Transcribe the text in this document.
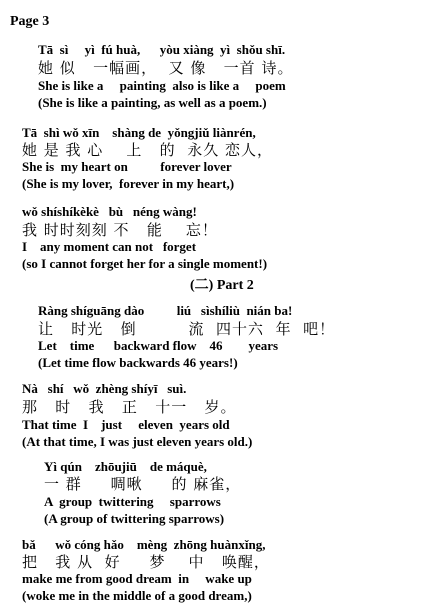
Page 3
Tā  sì     yì  fú huà,      yòu xiàng  yì  shǒu shī.
她 似   一幅画，  又 像   一首 诗。
She is like a     painting  also is like a     poem
(She is like a painting, as well as a poem.)
Tā  shì wǒ xīn    shàng de  yǒngjiǔ liànrén,
她 是 我 心    上   的  永久 恋人，
She is  my heart on          forever lover
(She is my lover,  forever in my heart,)
wǒ shíshíkèkè   bù   néng wàng!
我 时时刻刻 不   能    忘！
I    any moment can not   forget
(so I cannot forget her for a single moment!)
(二) Part 2
Ràng shíguāng dào          liú   sìshíliù  nián ba!
让   时光   倒         流  四十六  年  吧！
Let    time      backward flow    46        years
(Let time flow backwards 46 years!)
Nà   shí   wǒ  zhèng shíyī   suì.
那   时   我   正   十一   岁。
That time  I    just     eleven  years old
(At that time, I was just eleven years old.)
Yì qún    zhōujiū    de máquè,
一 群     啁啾     的 麻雀，
A  group  twittering     sparrows
(A group of twittering sparrows)
bǎ      wǒ cóng hǎo    mèng  zhōng huànxǐng,
把   我 从  好     梦    中   唤醒，
make me from good dream  in     wake up
(woke me in the middle of a good dream,)
